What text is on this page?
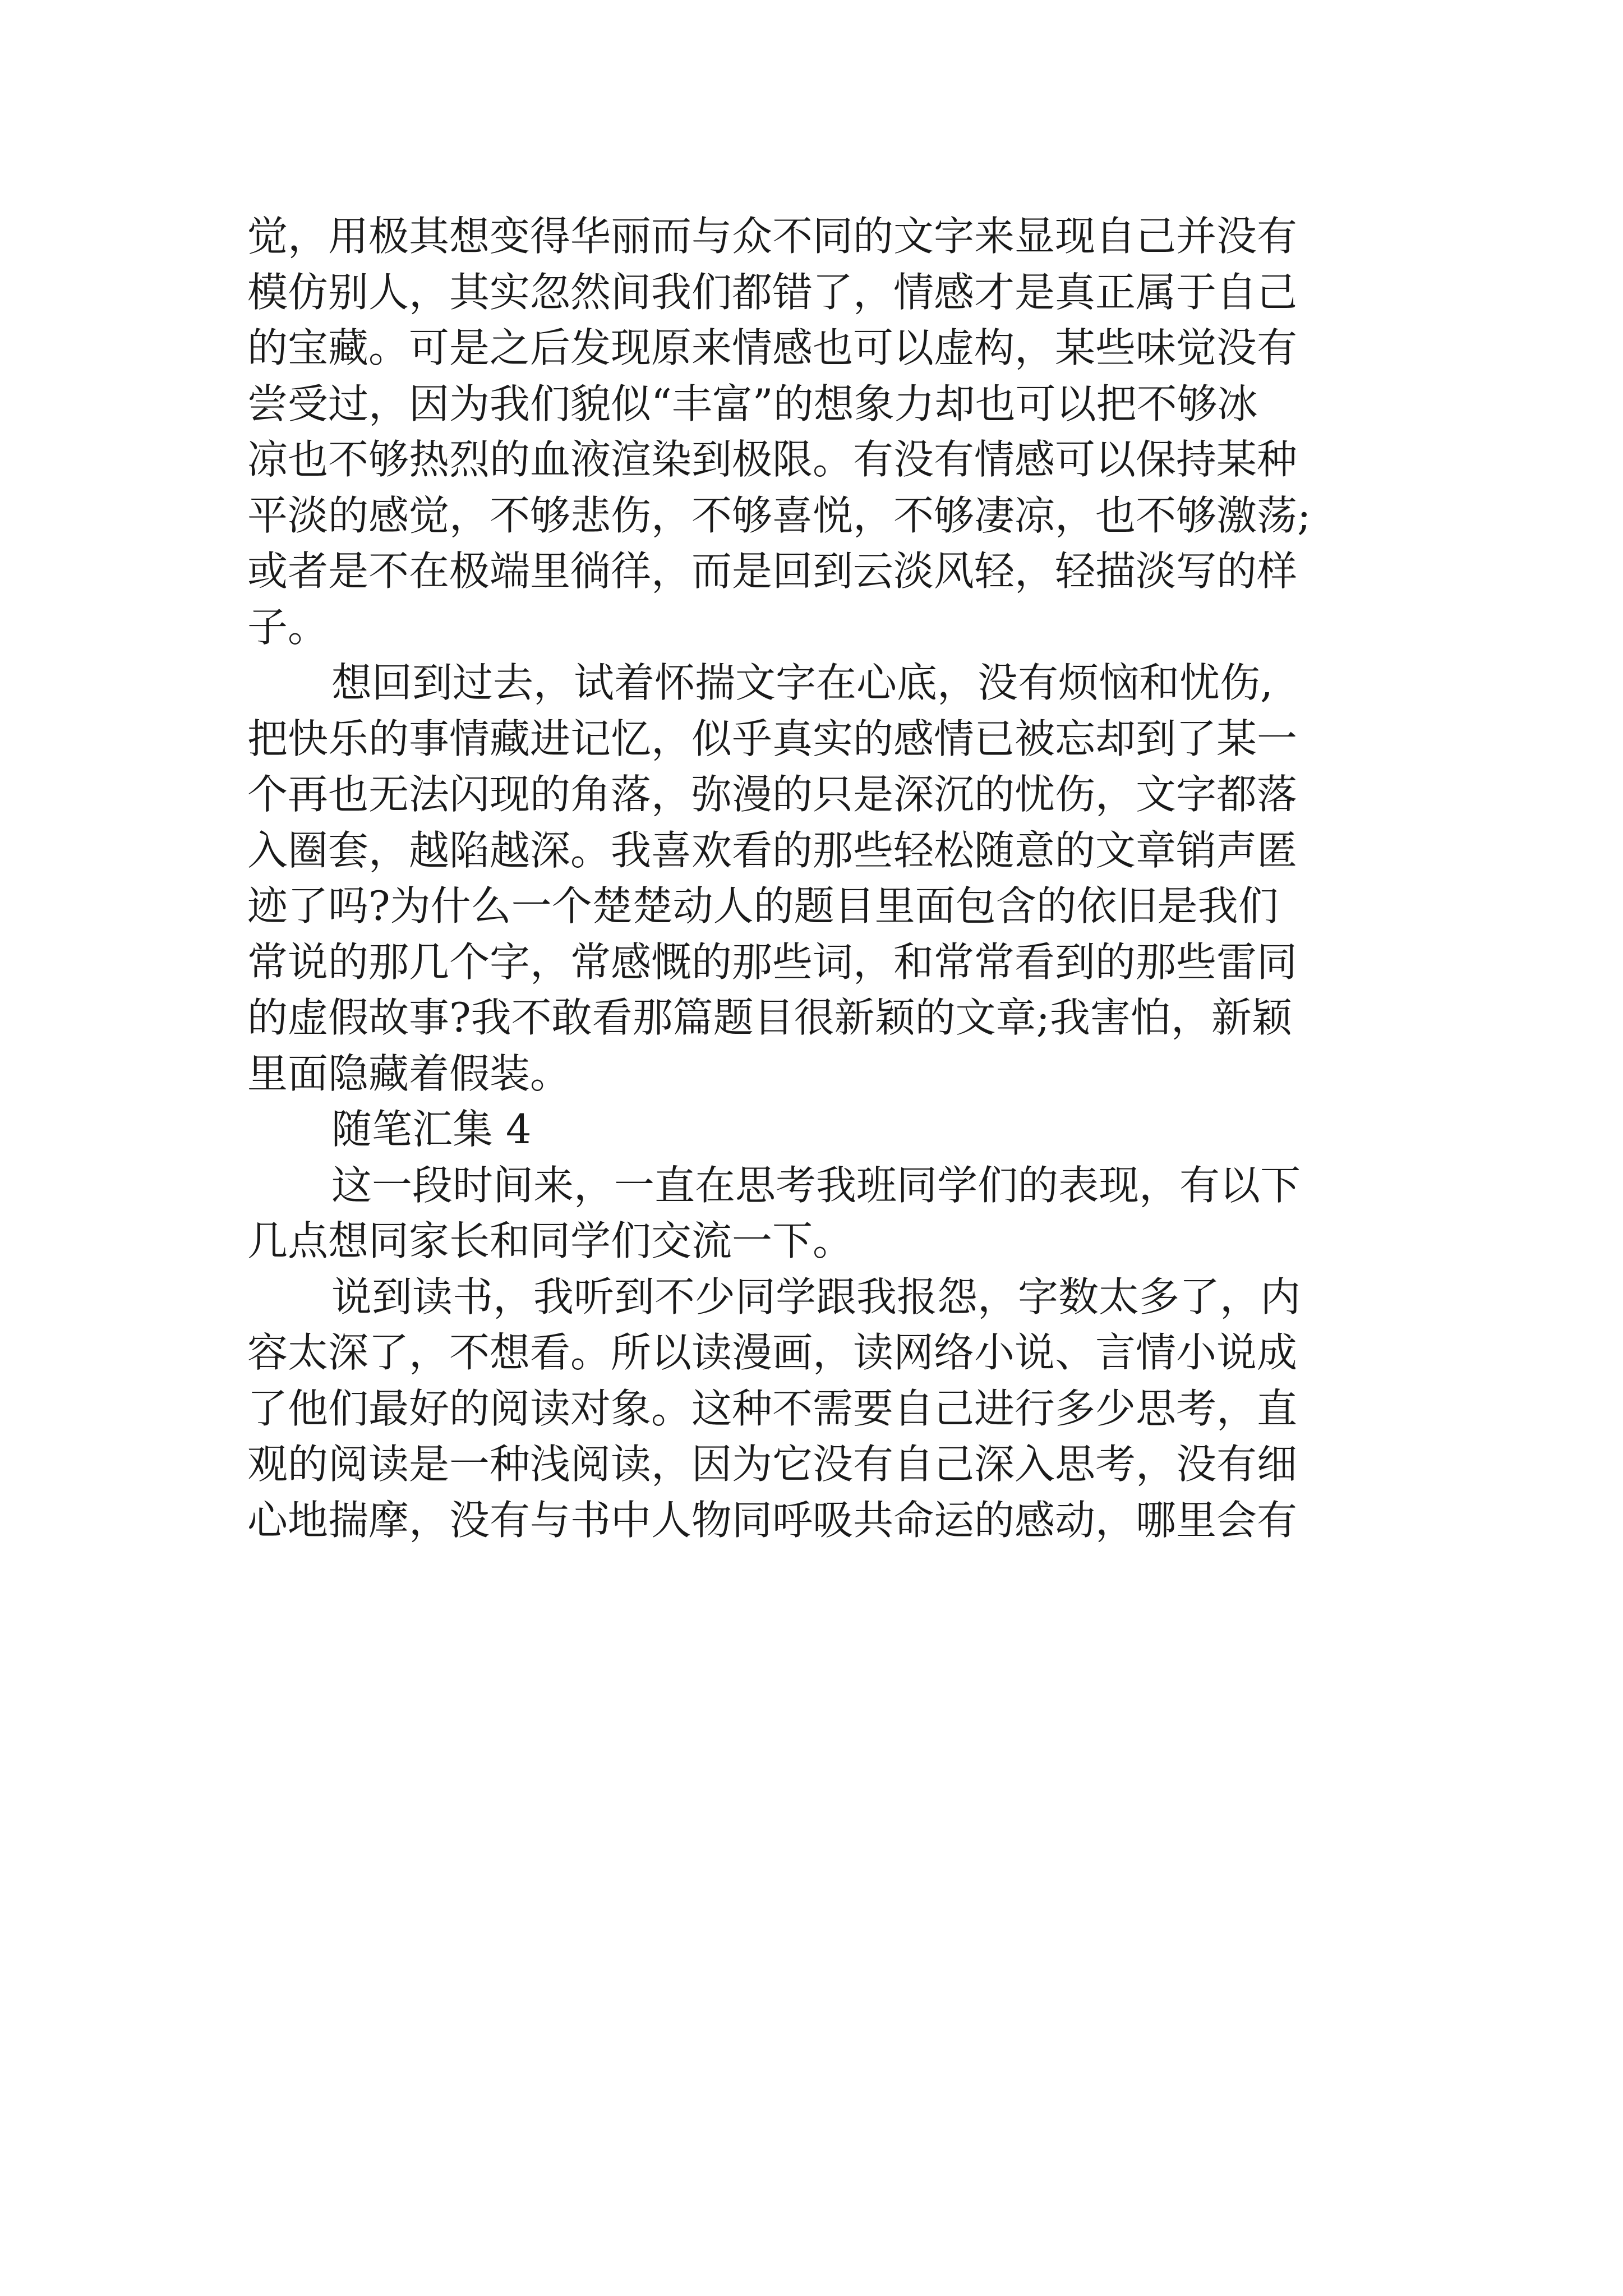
觉，用极其想变得华丽而与众不同的文字来显现自己并没有
模仿别人，其实忽然间我们都错了，情感才是真正属于自己
的宝藏。可是之后发现原来情感也可以虚构，某些味觉没有
尝受过，因为我们貌似“丰富”的想象力却也可以把不够冰
凉也不够热烈的血液渲染到极限。有没有情感可以保持某种
平淡的感觉，不够悲伤，不够喜悦，不够凄凉，也不够激荡;
或者是不在极端里徜徉，而是回到云淡风轻，轻描淡写的样
子。
想回到过去，试着怀揣文字在心底，没有烦恼和忧伤,
把快乐的事情藏进记忆，似乎真实的感情已被忘却到了某一
个再也无法闪现的角落，弥漫的只是深沉的忧伤，文字都落
入圈套，越陷越深。我喜欢看的那些轻松随意的文章销声匿
迹了吗?为什么一个楚楚动人的题目里面包含的依旧是我们
常说的那几个字，常感慨的那些词，和常常看到的那些雷同
的虚假故事?我不敢看那篇题目很新颖的文章;我害怕，新颖
里面隐藏着假装。
随笔汇集 4
这一段时间来，一直在思考我班同学们的表现，有以下
几点想同家长和同学们交流一下。
说到读书，我听到不少同学跟我报怨，字数太多了，内
容太深了，不想看。所以读漫画，读网络小说、言情小说成
了他们最好的阅读对象。这种不需要自己进行多少思考，直
观的阅读是一种浅阅读，因为它没有自己深入思考，没有细
心地揣摩，没有与书中人物同呼吸共命运的感动，哪里会有
